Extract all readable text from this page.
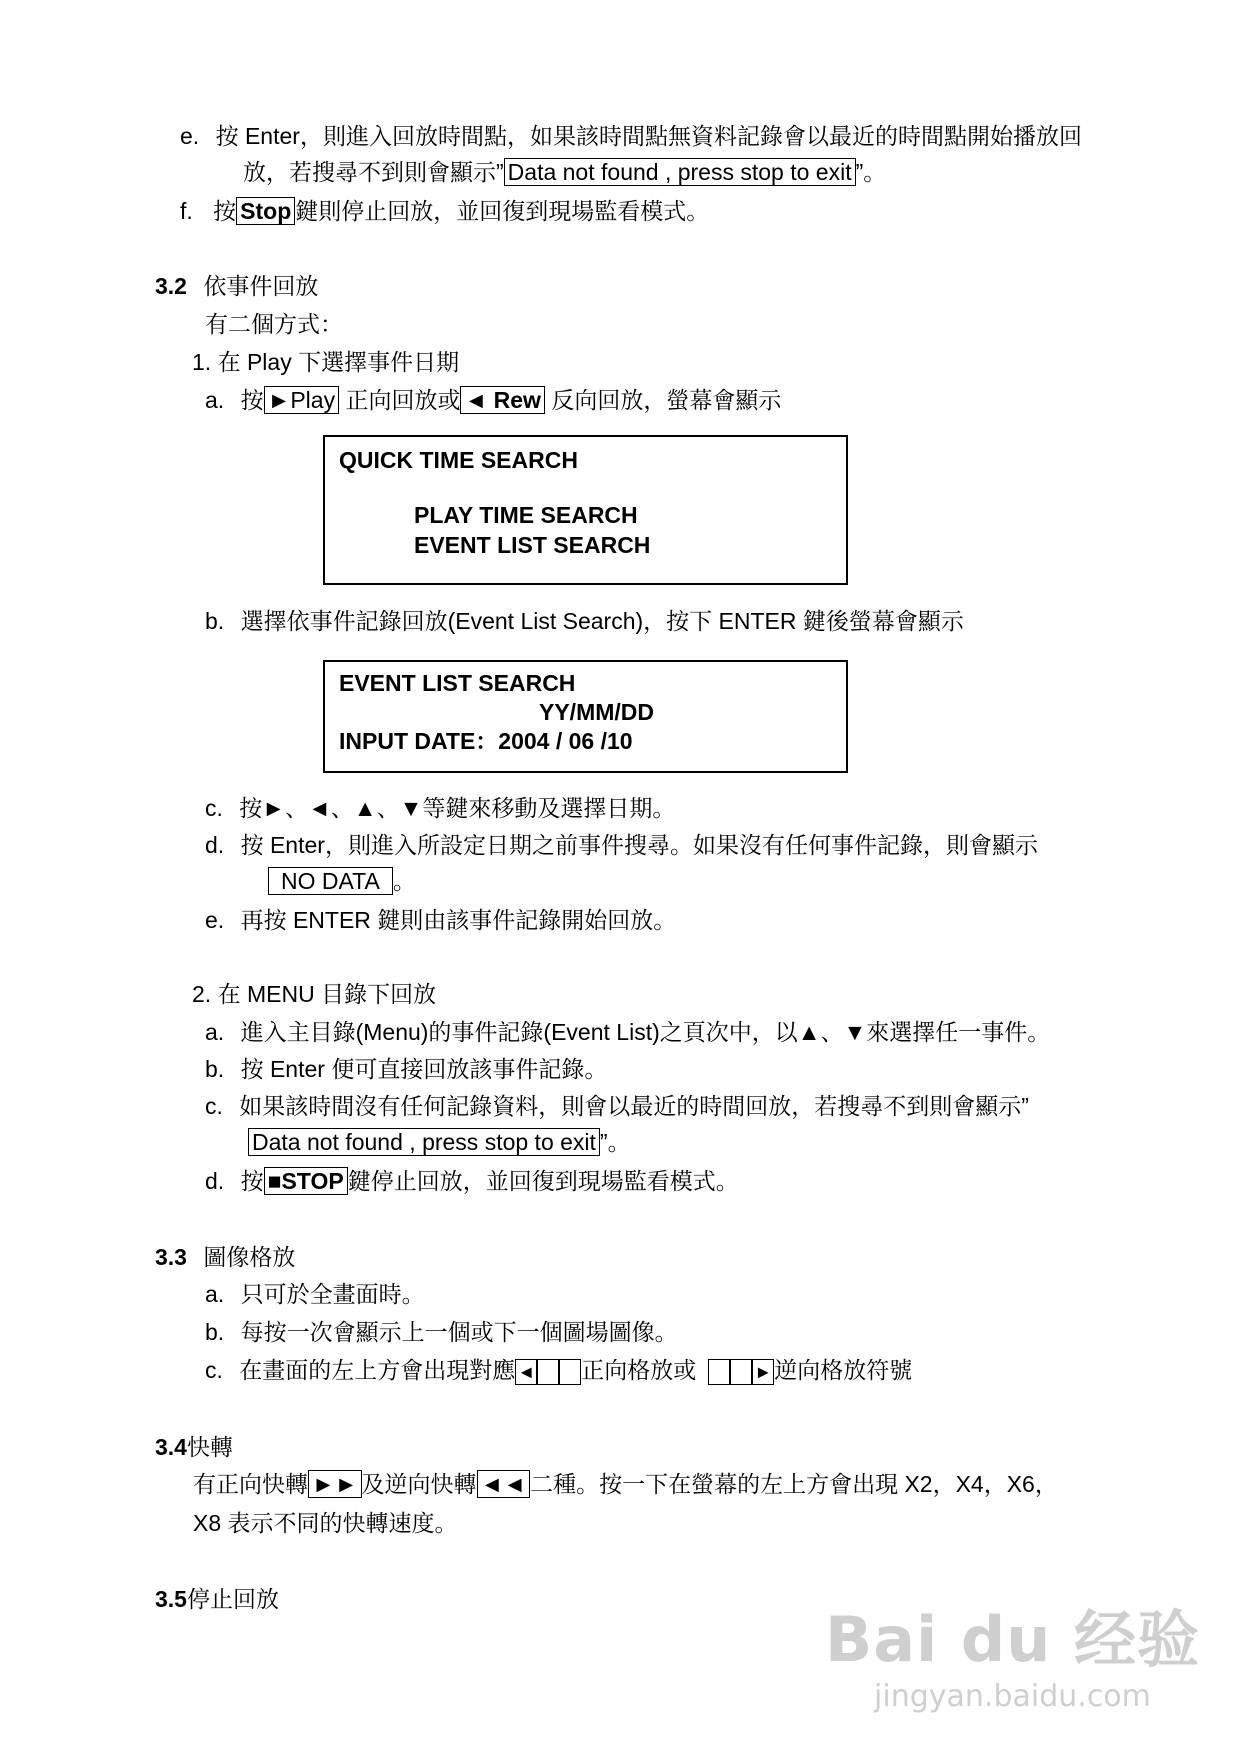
e. 按 Enter，則進入回放時間點，如果該時間點無資料記錄會以最近的時間點開始播放回
放，若搜尋不到則會顯示” Data not found , press stop to exit ”。
f. 按 Stop 鍵則停止回放，並回復到現場監看模式。
3.2 依事件回放
有二個方式：
1. 在 Play 下選擇事件日期
a. 按 ►Play 正向回放或 ◄ Rew 反向回放，螢幕會顯示
QUICK TIME SEARCH
PLAY TIME SEARCH
EVENT LIST SEARCH
b. 選擇依事件記錄回放(Event List Search)，按下 ENTER 鍵後螢幕會顯示
EVENT LIST SEARCH
YY/MM/DD
INPUT DATE：2004 / 06 /10
c. 按►、◄、▲、▼等鍵來移動及選擇日期。
d. 按 Enter，則進入所設定日期之前事件搜尋。如果沒有任何事件記錄，則會顯示
NO DATA 。
e. 再按 ENTER 鍵則由該事件記錄開始回放。
2. 在 MENU 目錄下回放
a. 進入主目錄(Menu)的事件記錄(Event List)之頁次中，以▲、▼來選擇任一事件。
b. 按 Enter 便可直接回放該事件記錄。
c. 如果該時間沒有任何記錄資料，則會以最近的時間回放，若搜尋不到則會顯示”
Data not found , press stop to exit ”。
d. 按 ■STOP 鍵停止回放，並回復到現場監看模式。
3.3 圖像格放
a. 只可於全畫面時。
b. 每按一次會顯示上一個或下一個圖場圖像。
c. 在畫面的左上方會出現對應 ◄ 正向格放或	►逆向格放符號
3.4快轉
有正向快轉 ►► 及逆向快轉 ◄◄ 二種。按一下在螢幕的左上方會出現 X2，X4，X6，
X8 表示不同的快轉速度。
3.5停止回放
Bai du 经验
jingyan.baidu.com
